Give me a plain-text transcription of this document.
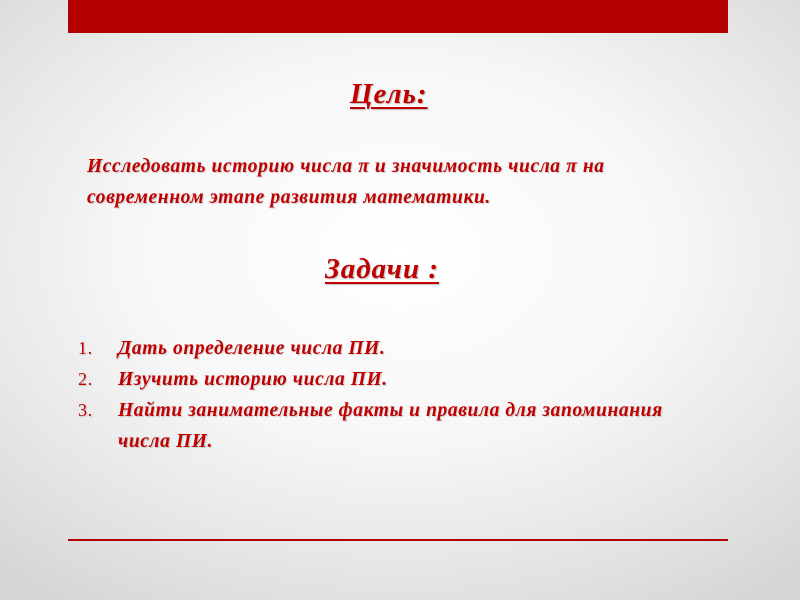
Цель:

Исследовать историю числа π и значимость числа π на современном этапе развития математики.

Задачи :
1. Дать определение числа ПИ.
2. Изучить историю числа ПИ.
3. Найти занимательные факты и правила для запоминания числа ПИ.
